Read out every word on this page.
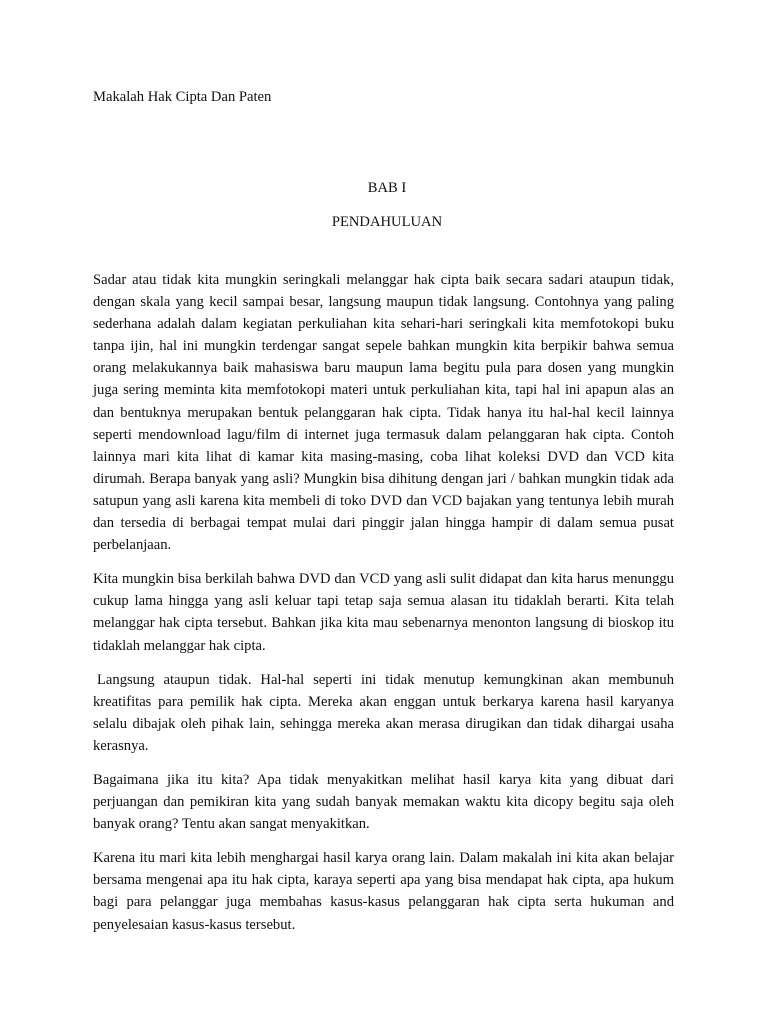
Makalah Hak Cipta Dan Paten
BAB I
PENDAHULUAN

Sadar atau tidak kita mungkin seringkali melanggar hak cipta baik secara sadari ataupun tidak, dengan skala yang kecil sampai besar, langsung maupun tidak langsung. Contohnya yang paling sederhana adalah dalam kegiatan perkuliahan kita sehari-hari seringkali kita memfotokopi buku tanpa ijin, hal ini mungkin terdengar sangat sepele bahkan mungkin kita berpikir bahwa semua orang melakukannya baik mahasiswa baru maupun lama begitu pula para dosen yang mungkin juga sering meminta kita memfotokopi materi untuk perkuliahan kita, tapi hal ini apapun alas an dan bentuknya merupakan bentuk pelanggaran hak cipta. Tidak hanya itu hal-hal kecil lainnya seperti mendownload lagu/film di internet juga termasuk dalam pelanggaran hak cipta. Contoh lainnya mari kita lihat di kamar kita masing-masing, coba lihat koleksi DVD dan VCD kita dirumah. Berapa banyak yang asli? Mungkin bisa dihitung dengan jari / bahkan mungkin tidak ada satupun yang asli karena kita membeli di toko DVD dan VCD bajakan yang tentunya lebih murah dan tersedia di berbagai tempat mulai dari pinggir jalan hingga hampir di dalam semua pusat perbelanjaan.

Kita mungkin bisa berkilah bahwa DVD dan VCD yang asli sulit didapat dan kita harus menunggu cukup lama hingga yang asli keluar tapi tetap saja semua alasan itu tidaklah berarti. Kita telah melanggar hak cipta tersebut. Bahkan jika kita mau sebenarnya menonton langsung di bioskop itu tidaklah melanggar hak cipta.

Langsung ataupun tidak. Hal-hal seperti ini tidak menutup kemungkinan akan membunuh kreatifitas para pemilik hak cipta. Mereka akan enggan untuk berkarya karena hasil karyanya selalu dibajak oleh pihak lain, sehingga mereka akan merasa dirugikan dan tidak dihargai usaha kerasnya.

Bagaimana jika itu kita? Apa tidak menyakitkan melihat hasil karya kita yang dibuat dari perjuangan dan pemikiran kita yang sudah banyak memakan waktu kita dicopy begitu saja oleh banyak orang? Tentu akan sangat menyakitkan.

Karena itu mari kita lebih menghargai hasil karya orang lain. Dalam makalah ini kita akan belajar bersama mengenai apa itu hak cipta, karaya seperti apa yang bisa mendapat hak cipta, apa hukum bagi para pelanggar juga membahas kasus-kasus pelanggaran hak cipta serta hukuman and penyelesaian kasus-kasus tersebut.
